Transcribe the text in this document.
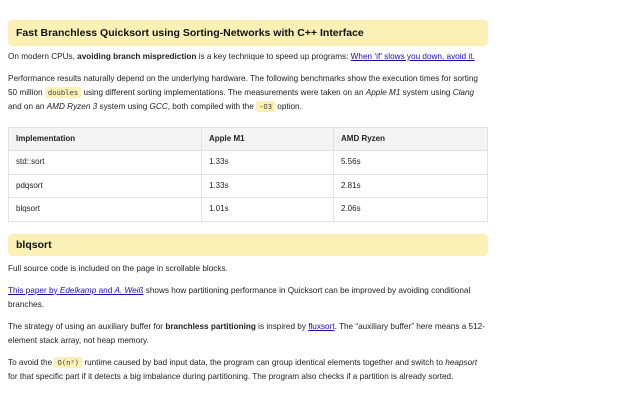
Fast Branchless Quicksort using Sorting-Networks with C++ Interface

On modern CPUs, avoiding branch misprediction is a key technique to speed up programs: When ‘if’ slows you down, avoid it.

Performance results naturally depend on the underlying hardware. The following benchmarks show the execution times for sorting 50 million doubles using different sorting implementations. The measurements were taken on an Apple M1 system using Clang and on an AMD Ryzen 3 system using GCC, both compiled with the -O3 option.

Implementation	Apple M1	AMD Ryzen
std::sort	1.33s	5.56s
pdqsort	1.33s	2.81s
blqsort	1.01s	2.06s
blqsort

Full source code is included on the page in scrollable blocks.

This paper by Edelkamp and A. Weiß shows how partitioning performance in Quicksort can be improved by avoiding conditional branches.

The strategy of using an auxiliary buffer for branchless partitioning is inspired by fluxsort. The “auxiliary buffer” here means a 512-element stack array, not heap memory.

To avoid the O(n²) runtime caused by bad input data, the program can group identical elements together and switch to heapsort for that specific part if it detects a big imbalance during partitioning. The program also checks if a partition is already sorted.
